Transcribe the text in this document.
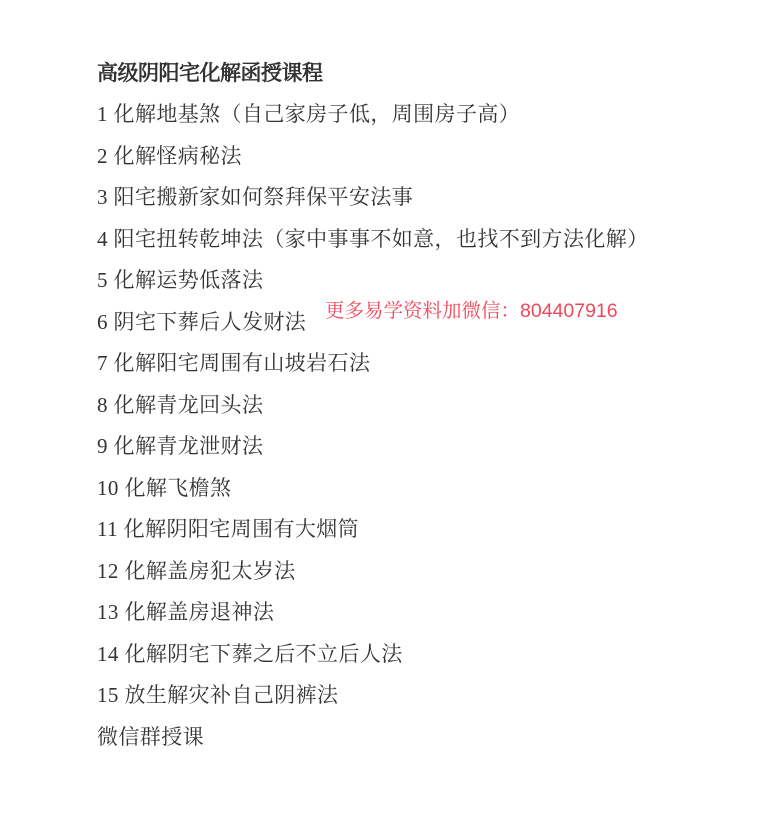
高级阴阳宅化解函授课程

1 化解地基煞（自己家房子低，周围房子高）

2 化解怪病秘法

3 阳宅搬新家如何祭拜保平安法事

4 阳宅扭转乾坤法（家中事事不如意，也找不到方法化解）

5 化解运势低落法

6 阴宅下葬后人发财法

7 化解阳宅周围有山坡岩石法

8 化解青龙回头法

9 化解青龙泄财法

10 化解飞檐煞

11 化解阴阳宅周围有大烟筒

12 化解盖房犯太岁法

13 化解盖房退神法

14 化解阴宅下葬之后不立后人法

15 放生解灾补自己阴裤法

微信群授课

更多易学资料加微信：804407916
